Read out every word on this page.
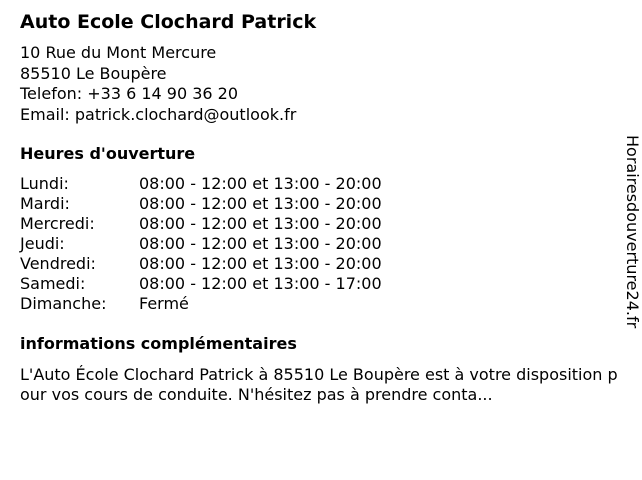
Auto Ecole Clochard Patrick
10 Rue du Mont Mercure
85510 Le Boupère
Telefon: +33 6 14 90 36 20
Email: patrick.clochard@outlook.fr
Heures d'ouverture
Lundi:	08:00 - 12:00 et 13:00 - 20:00
Mardi:	08:00 - 12:00 et 13:00 - 20:00
Mercredi:	08:00 - 12:00 et 13:00 - 20:00
Jeudi:	08:00 - 12:00 et 13:00 - 20:00
Vendredi:	08:00 - 12:00 et 13:00 - 20:00
Samedi:	08:00 - 12:00 et 13:00 - 17:00
Dimanche: Fermé
informations complémentaires
L'Auto École Clochard Patrick à 85510 Le Boupère est à votre disposition pour vos cours de conduite. N'hésitez pas à prendre conta...
Horairesdouverture24.fr
